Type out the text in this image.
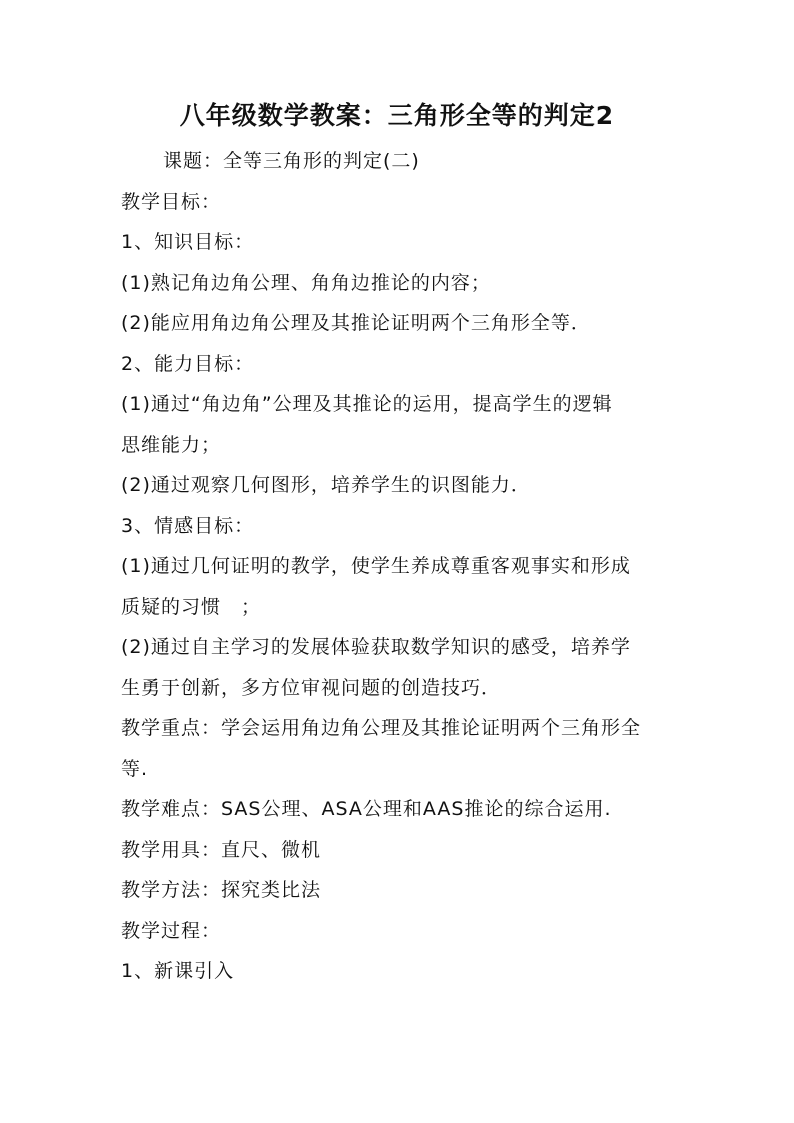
八年级数学教案：三角形全等的判定2
课题：全等三角形的判定(二)
教学目标：
1、知识目标：
(1)熟记角边角公理、角角边推论的内容；
(2)能应用角边角公理及其推论证明两个三角形全等．
2、能力目标：
(1)通过“角边角”公理及其推论的运用，提高学生的逻辑
思维能力；
(2)通过观察几何图形，培养学生的识图能力．
3、情感目标：
(1)通过几何证明的教学，使学生养成尊重客观事实和形成
质疑的习惯　；
(2)通过自主学习的发展体验获取数学知识的感受，培养学
生勇于创新，多方位审视问题的创造技巧．
教学重点：学会运用角边角公理及其推论证明两个三角形全
等.
教学难点：SAS公理、ASA公理和AAS推论的综合运用.
教学用具：直尺、微机
教学方法：探究类比法
教学过程：
1、新课引入
